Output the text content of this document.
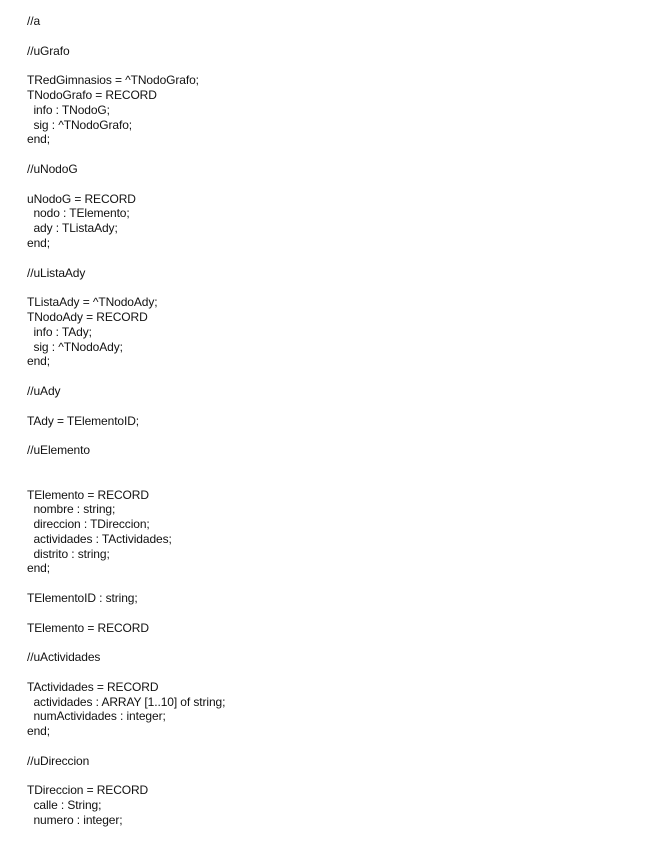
//a
//uGrafo
TRedGimnasios = ^TNodoGrafo;
TNodoGrafo = RECORD
info : TNodoG;
sig : ^TNodoGrafo;
end;
//uNodoG
uNodoG = RECORD
nodo : TElemento;
ady : TListaAdy;
end;
//uListaAdy
TListaAdy = ^TNodoAdy;
TNodoAdy = RECORD
info : TAdy;
sig : ^TNodoAdy;
end;
//uAdy
TAdy = TElementoID;
//uElemento
TElemento = RECORD
nombre : string;
direccion : TDireccion;
actividades : TActividades;
distrito : string;
end;
TElementoID : string;
TElemento = RECORD
//uActividades
TActividades = RECORD
actividades : ARRAY [1..10] of string;
numActividades : integer;
end;
//uDireccion
TDireccion = RECORD
calle : String;
numero : integer;
